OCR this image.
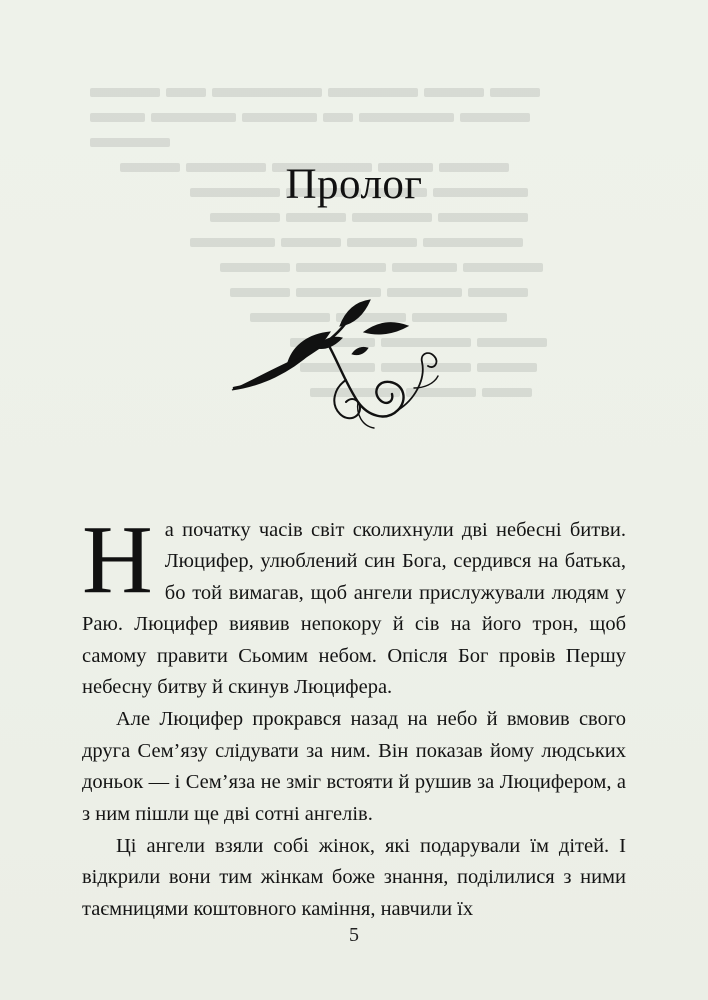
Пролог

На початку часів світ сколихнули дві небесні битви. Люцифер, улюблений син Бога, сердився на батька, бо той вимагав, щоб ангели прислужували людям у Раю. Люцифер виявив непокору й сів на його трон, щоб самому правити Сьомим небом. Опісля Бог провів Першу небесну битву й скинув Люцифера.

Але Люцифер прокрався назад на небо й вмовив свого друга Сем’язу слідувати за ним. Він показав йому людських доньок — і Сем’яза не зміг встояти й рушив за Люцифером, а з ним пішли ще дві сотні ангелів.

Ці ангели взяли собі жінок, які подарували їм дітей. І відкрили вони тим жінкам боже знання, поділилися з ними таємницями коштовного каміння, навчили їх

5
